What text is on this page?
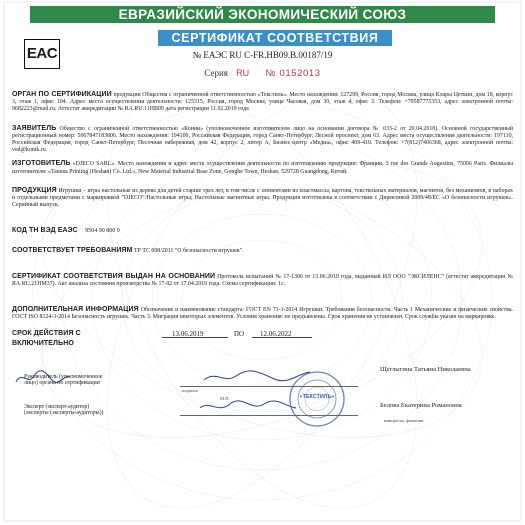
ЕВРАЗИЙСКИЙ ЭКОНОМИЧЕСКИЙ СОЮЗ
EAC
СЕРТИФИКАТ СООТВЕТСТВИЯ
№ ЕАЭС RU С-FR.НВ09.В.00187/19
Серия RU № 0152013

ОРГАН ПО СЕРТИФИКАЦИИ продукции Общества с ограниченной ответственностью «Текстиль». Место нахождения: 127299, Россия, город Москва, улица Клары Цеткин, дом 18, корпус 3, этаж 1, офис 104. Адрес места осуществления деятельности: 125315, Россия, город Москва, улица Часовая, дом 30, этаж 4, офис 3. Телефон: +79587775353, адрес электронной почты: 9682223@mail.ru. Аттестат аккредитации № RA.RU.11НВ09 дата регистрации 11.02.2019 года

ЗАЯВИТЕЛЬ Общество с ограниченной ответственностью «Конин» (уполномоченное изготовителем лицо на основании договора № 033-2 от 20.04.2018). Основной государственный регистрационный номер: 5067847183806. Место нахождения: 194100, Российская Федерация, город Санкт-Петербург, Лесной проспект, дом 63. Адрес места осуществления деятельности: 197110, Российская Федерация, город Санкт-Петербург, Песочная набережная, дом 42, корпус 2, литер А, Бизнес-центр «Медиа», офис 409-410. Телефон: +7(812)7406368, адрес электронной почты: ved@konik.ru.

ИЗГОТОВИТЕЛЬ «DJECO SARL». Место нахождения и адрес места осуществления деятельности по изготовлению продукции: Франция, 3 rue des Grands Augustins, 75006 Paris. Филиалы изготовителя: «Taunus Printing (Heshan) Co. Ltd.», New Material Industrial Base Zone, Gonghe Town, Heshan, 529728 Guangdong, Китай.

ПРОДУКЦИЯ Игрушки – игры настольные из дерева для детей старше трех лет, в том числе с элементами из пластмассы, картона, текстильных материалов, магнитов, без механизмов, в наборах и отдельными предметами с маркировкой "DJECO":Настольные игры; Настольные магнитные игры. Продукция изготовлена в соответствии с Директивой 2009/48/ЕС «О безопасности игрушек». Серийный выпуск.

КОД ТН ВЭД ЕАЭС 9504 90 800 9

СООТВЕТСТВУЕТ ТРЕБОВАНИЯМ ТР ТС 008/2011 "О безопасности игрушек".

СЕРТИФИКАТ СООТВЕТСТВИЯ ВЫДАН НА ОСНОВАНИИ Протокола испытаний № 17-1306 от 13.06.2019 года, выданный ИЛ ООО "ЭКСИЛЕНС" (аттестат аккредитации № RA.RU.21НМ37). Акт анализа состояния производства № 17-02 от 17.04.2019 года. Схема сертификации: 1с.

ДОПОЛНИТЕЛЬНАЯ ИНФОРМАЦИЯ Обозначение и наименование стандарта: ГОСТ EN 71-1-2014 Игрушки. Требования безопасности. Часть 1 Механические и физические свойства. ГОСТ ISO 8124-3-2014 Безопасность игрушек. Часть 3. Миграция некоторых элементов. Условия хранения: не предъявлены. Срок хранения не установлен. Срок службы указан на маркировке.

СРОК ДЕЙСТВИЯ С
ВКЛЮЧИТЕЛЬНО
13.06.2019	ПО 12.06.2022
Руководитель (уполномоченное
лицо) органа по сертификации
подпись
Щеглыгина Татьяна Николаевна
«ТЕКСТИЛЬ»
М.П.
Эксперт (эксперт-аудитор)
(эксперты (эксперты-аудиторы))
инициалы, фамилия
Белова Екатерина Романовна
